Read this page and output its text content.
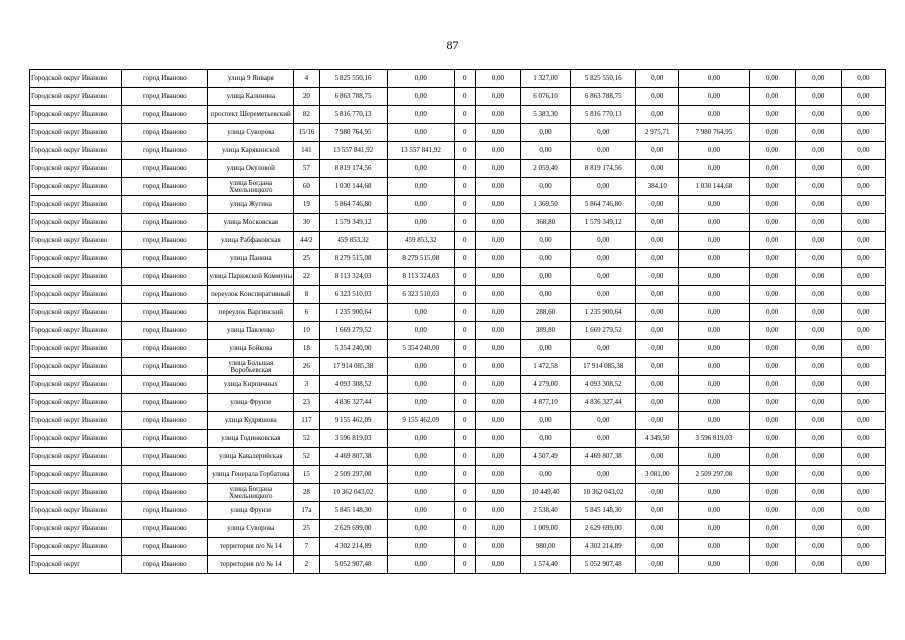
87
Городской округ Иваново	город Иваново	улица 9 Января	4	5 825 550,16	0,00	0	0,00	1 327,00	5 825 550,16	0,00	0,00	0,00	0,00	0,00
Городской округ Иваново	город Иваново	улица Калинина	20	6 863 788,75	0,00	0	0,00	6 076,10	6 863 788,75	0,00	0,00	0,00	0,00	0,00
Городской округ Иваново	город Иваново	проспект Шереметьевский	82	5 816 770,13	0,00	0	0,00	5 383,30	5 816 770,13	0,00	0,00	0,00	0,00	0,00
Городской округ Иваново	город Иваново	улица Суворова	15/16	7 980 764,95	0,00	0	0,00	0,00	0,00	2 975,71	7 980 764,95	0,00	0,00	0,00
Городской округ Иваново	город Иваново	улица Карякинской	141	13 557 841,92	13 557 841,92	0	0,00	0,00	0,00	0,00	0,00	0,00	0,00	0,00
Городской округ Иваново	город Иваново	улица Окуловой	57	8 819 174,56	0,00	0	0,00	2 059,40	8 819 174,56	0,00	0,00	0,00	0,00	0,00
Городской округ Иваново	город Иваново	улица Богдана Хмельницкого	60	1 030 144,68	0,00	0	0,00	0,00	0,00	384,10	1 030 144,68	0,00	0,00	0,00
Городской округ Иваново	город Иваново	улица Жугина	19	5 864 746,80	0,00	0	0,00	1 369,50	5 864 746,80	0,00	0,00	0,00	0,00	0,00
Городской округ Иваново	город Иваново	улица Московская	30	1 579 349,12	0,00	0	0,00	368,80	1 579 349,12	0,00	0,00	0,00	0,00	0,00
Городской округ Иваново	город Иваново	улица Рабфаковская	44/2	459 853,32	459 853,32	0	0,00	0,00	0,00	0,00	0,00	0,00	0,00	0,00
Городской округ Иваново	город Иваново	улица Панина	25	8 279 515,08	8 279 515,08	0	0,00	0,00	0,00	0,00	0,00	0,00	0,00	0,00
Городской округ Иваново	город Иваново	улица Парижской Коммуны	22	8 113 324,03	8 113 324,03	0	0,00	0,00	0,00	0,00	0,00	0,00	0,00	0,00
Городской округ Иваново	город Иваново	переулок Конспиративный	8	6 323 510,03	6 323 510,03	0	0,00	0,00	0,00	0,00	0,00	0,00	0,00	0,00
Городской округ Иваново	город Иваново	переулок Варгинский	6	1 235 900,64	0,00	0	0,00	288,60	1 235 900,64	0,00	0,00	0,00	0,00	0,00
Городской округ Иваново	город Иваново	улица Павленко	10	1 669 279,52	0,00	0	0,00	389,80	1 669 279,52	0,00	0,00	0,00	0,00	0,00
Городской округ Иваново	город Иваново	улица Бойкова	18	5 354 240,00	5 354 240,00	0	0,00	0,00	0,00	0,00	0,00	0,00	0,00	0,00
Городской округ Иваново	город Иваново	улица Большая Воробьевская	26	17 914 085,38	0,00	0	0,00	1 472,58	17 914 085,38	0,00	0,00	0,00	0,00	0,00
Городской округ Иваново	город Иваново	улица Кирпичных	3	4 093 308,52	0,00	0	0,00	4 279,00	4 093 308,52	0,00	0,00	0,00	0,00	0,00
Городской округ Иваново	город Иваново	улица Фрунзе	23	4 836 327,44	0,00	0	0,00	4 877,10	4 836 327,44	0,00	0,00	0,00	0,00	0,00
Городской округ Иваново	город Иваново	улица Кудряшова	117	9 155 462,09	9 155 462,09	0	0,00	0,00	0,00	0,00	0,00	0,00	0,00	0,00
Городской округ Иваново	город Иваново	улица Годинковская	52	3 596 819,03	0,00	0	0,00	0,00	0,00	4 349,50	3 596 819,03	0,00	0,00	0,00
Городской округ Иваново	город Иваново	улица Кавалерийская	52	4 469 807,38	0,00	0	0,00	4 507,49	4 469 807,38	0,00	0,00	0,00	0,00	0,00
Городской округ Иваново	город Иваново	улица Генерала Горбатова	15	2 509 297,08	0,00	0	0,00	0,00	0,00	3 081,00	2 509 297,08	0,00	0,00	0,00
Городской округ Иваново	город Иваново	улица Богдана Хмельницкого	28	10 362 043,02	0,00	0	0,00	10 449,40	10 362 043,02	0,00	0,00	0,00	0,00	0,00
Городской округ Иваново	город Иваново	улица Фрунзе	17а	5 845 148,30	0,00	0	0,00	2 538,40	5 845 148,30	0,00	0,00	0,00	0,00	0,00
Городской округ Иваново	город Иваново	улица Суворова	25	2 629 699,00	0,00	0	0,00	1 009,00	2 629 699,00	0,00	0,00	0,00	0,00	0,00
Городской округ Иваново	город Иваново	территория п/о № 14	7	4 302 214,89	0,00	0	0,00	980,00	4 302 214,89	0,00	0,00	0,00	0,00	0,00
Городской округ	город Иваново	территория п/о № 14	2	5 052 907,48	0,00	0	0,00	1 574,40	5 052 907,48	0,00	0,00	0,00	0,00	0,00
